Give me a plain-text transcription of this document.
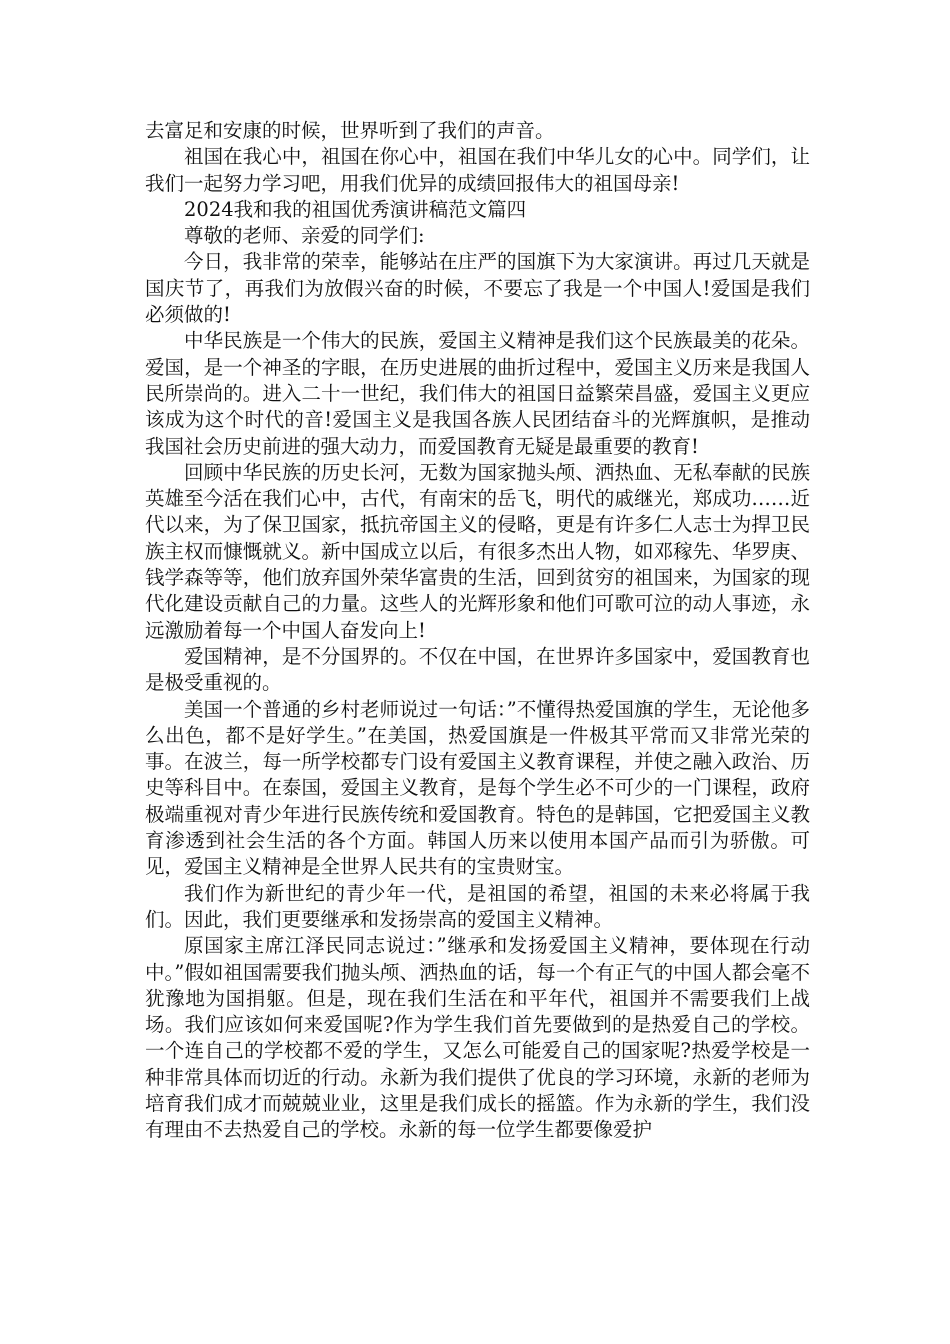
去富足和安康的时候，世界听到了我们的声音。

祖国在我心中，祖国在你心中，祖国在我们中华儿女的心中。同学们，让我们一起努力学习吧，用我们优异的成绩回报伟大的祖国母亲!

2024我和我的祖国优秀演讲稿范文篇四

尊敬的老师、亲爱的同学们:

今日，我非常的荣幸，能够站在庄严的国旗下为大家演讲。再过几天就是国庆节了，再我们为放假兴奋的时候，不要忘了我是一个中国人!爱国是我们必须做的!

中华民族是一个伟大的民族，爱国主义精神是我们这个民族最美的花朵。爱国，是一个神圣的字眼，在历史进展的曲折过程中，爱国主义历来是我国人民所崇尚的。进入二十一世纪，我们伟大的祖国日益繁荣昌盛，爱国主义更应该成为这个时代的音!爱国主义是我国各族人民团结奋斗的光辉旗帜，是推动我国社会历史前进的强大动力，而爱国教育无疑是最重要的教育!

回顾中华民族的历史长河，无数为国家抛头颅、洒热血、无私奉献的民族英雄至今活在我们心中，古代，有南宋的岳飞，明代的戚继光，郑成功……近代以来，为了保卫国家，抵抗帝国主义的侵略，更是有许多仁人志士为捍卫民族主权而慷慨就义。新中国成立以后，有很多杰出人物，如邓稼先、华罗庚、钱学森等等，他们放弃国外荣华富贵的生活，回到贫穷的祖国来，为国家的现代化建设贡献自己的力量。这些人的光辉形象和他们可歌可泣的动人事迹，永远激励着每一个中国人奋发向上!

爱国精神，是不分国界的。不仅在中国，在世界许多国家中，爱国教育也是极受重视的。

美国一个普通的乡村老师说过一句话：”不懂得热爱国旗的学生，无论他多么出色，都不是好学生。”在美国，热爱国旗是一件极其平常而又非常光荣的事。在波兰，每一所学校都专门设有爱国主义教育课程，并使之融入政治、历史等科目中。在泰国，爱国主义教育，是每个学生必不可少的一门课程，政府极端重视对青少年进行民族传统和爱国教育。特色的是韩国，它把爱国主义教育渗透到社会生活的各个方面。韩国人历来以使用本国产品而引为骄傲。可见，爱国主义精神是全世界人民共有的宝贵财宝。

我们作为新世纪的青少年一代，是祖国的希望，祖国的未来必将属于我们。因此，我们更要继承和发扬崇高的爱国主义精神。

原国家主席江泽民同志说过：”继承和发扬爱国主义精神，要体现在行动中。”假如祖国需要我们抛头颅、洒热血的话，每一个有正气的中国人都会毫不犹豫地为国捐躯。但是，现在我们生活在和平年代，祖国并不需要我们上战场。我们应该如何来爱国呢?作为学生我们首先要做到的是热爱自己的学校。一个连自己的学校都不爱的学生，又怎么可能爱自己的国家呢?热爱学校是一种非常具体而切近的行动。永新为我们提供了优良的学习环境，永新的老师为培育我们成才而兢兢业业，这里是我们成长的摇篮。作为永新的学生，我们没有理由不去热爱自己的学校。永新的每一位学生都要像爱护
